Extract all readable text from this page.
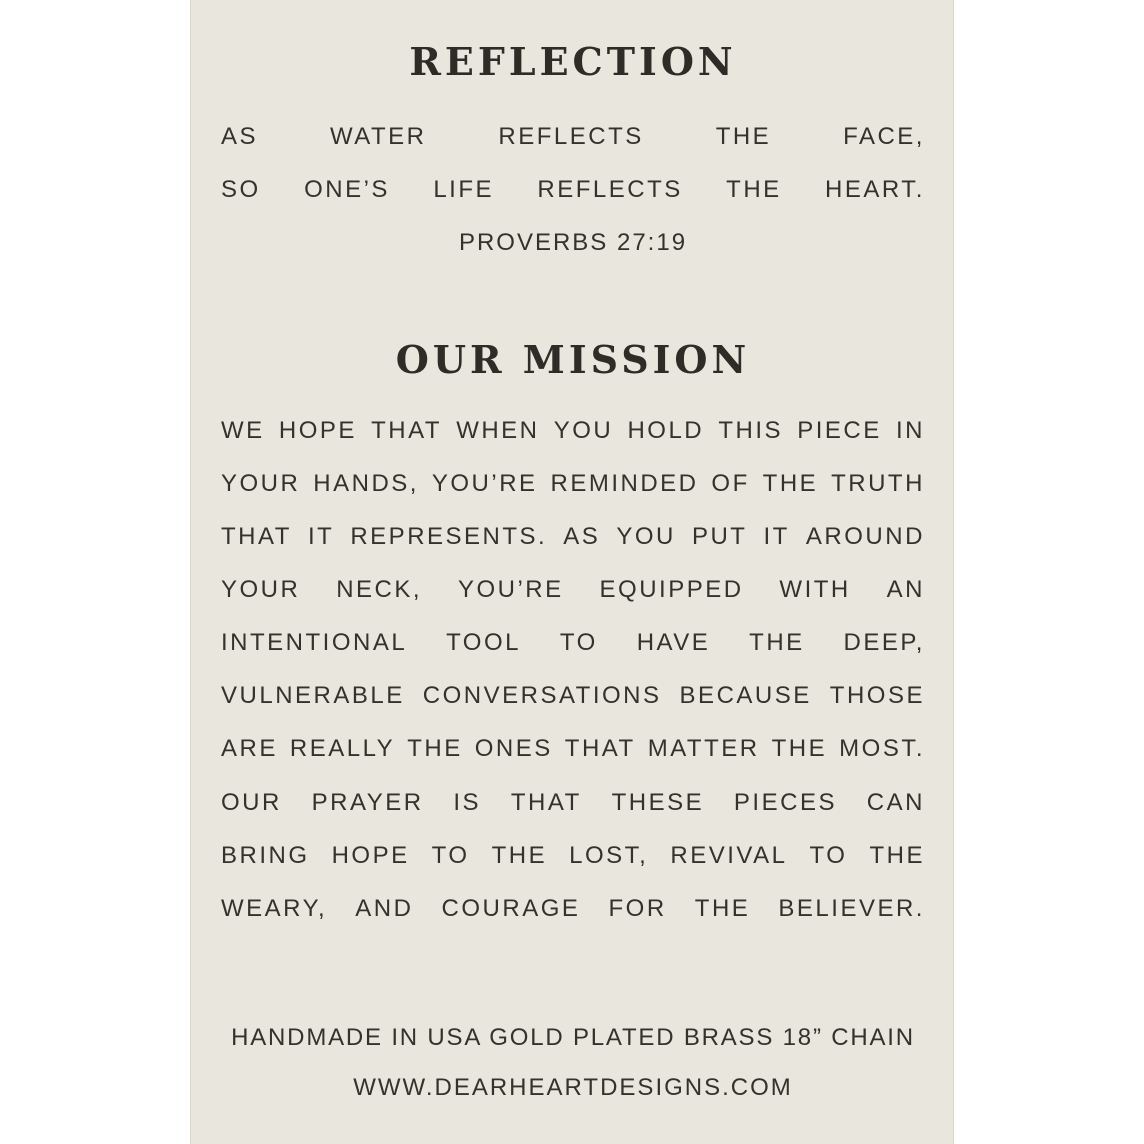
REFLECTION
AS	WATER	REFLECTS	THE	FACE,
SO ONE’S LIFE REFLECTS THE HEART.
PROVERBS 27:19
OUR MISSION
WE HOPE THAT WHEN YOU HOLD THIS PIECE IN
YOUR HANDS, YOU’RE REMINDED OF THE TRUTH
THAT IT REPRESENTS. AS YOU PUT IT AROUND
YOUR NECK, YOU’RE EQUIPPED WITH AN
INTENTIONAL TOOL TO HAVE THE DEEP,
VULNERABLE CONVERSATIONS BECAUSE THOSE
ARE REALLY THE ONES THAT MATTER THE MOST.
OUR PRAYER IS THAT THESE PIECES CAN
BRING HOPE TO THE LOST, REVIVAL TO THE
WEARY, AND COURAGE FOR THE BELIEVER.
HANDMADE IN USA GOLD PLATED BRASS 18” CHAIN
WWW.DEARHEARTDESIGNS.COM
